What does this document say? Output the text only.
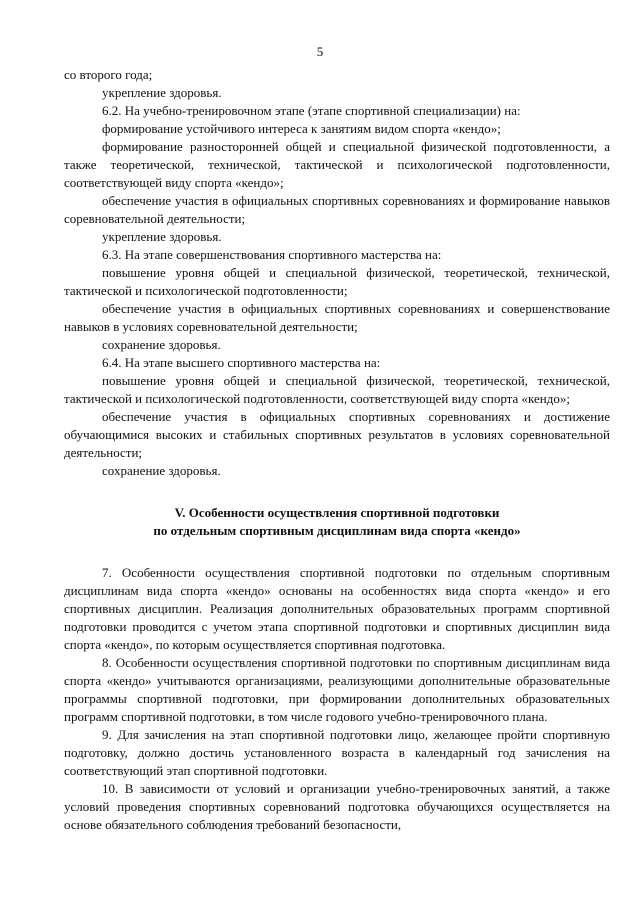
5

со второго года;

укрепление здоровья.

6.2. На учебно-тренировочном этапе (этапе спортивной специализации) на:

формирование устойчивого интереса к занятиям видом спорта «кендо»;

формирование разносторонней общей и специальной физической подготовленности, а также теоретической, технической, тактической и психологической подготовленности, соответствующей виду спорта «кендо»;

обеспечение участия в официальных спортивных соревнованиях и формирование навыков соревновательной деятельности;

укрепление здоровья.

6.3. На этапе совершенствования спортивного мастерства на:

повышение уровня общей и специальной физической, теоретической, технической, тактической и психологической подготовленности;

обеспечение участия в официальных спортивных соревнованиях и совершенствование навыков в условиях соревновательной деятельности;

сохранение здоровья.

6.4. На этапе высшего спортивного мастерства на:

повышение уровня общей и специальной физической, теоретической, технической, тактической и психологической подготовленности, соответствующей виду спорта «кендо»;

обеспечение участия в официальных спортивных соревнованиях и достижение обучающимися высоких и стабильных спортивных результатов в условиях соревновательной деятельности;

сохранение здоровья.

V. Особенности осуществления спортивной подготовки
по отдельным спортивным дисциплинам вида спорта «кендо»

7. Особенности осуществления спортивной подготовки по отдельным спортивным дисциплинам вида спорта «кендо» основаны на особенностях вида спорта «кендо» и его спортивных дисциплин. Реализация дополнительных образовательных программ спортивной подготовки проводится с учетом этапа спортивной подготовки и спортивных дисциплин вида спорта «кендо», по которым осуществляется спортивная подготовка.

8. Особенности осуществления спортивной подготовки по спортивным дисциплинам вида спорта «кендо» учитываются организациями, реализующими дополнительные образовательные программы спортивной подготовки, при формировании дополнительных образовательных программ спортивной подготовки, в том числе годового учебно-тренировочного плана.

9. Для зачисления на этап спортивной подготовки лицо, желающее пройти спортивную подготовку, должно достичь установленного возраста в календарный год зачисления на соответствующий этап спортивной подготовки.

10. В зависимости от условий и организации учебно-тренировочных занятий, а также условий проведения спортивных соревнований подготовка обучающихся осуществляется на основе обязательного соблюдения требований безопасности,
